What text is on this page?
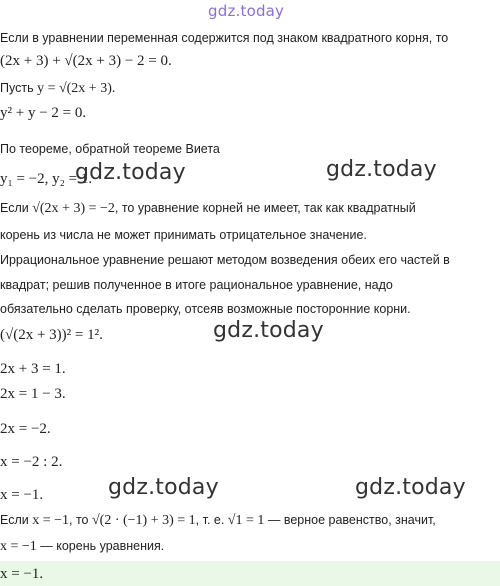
x = −1.
gdz.today
Если в уравнении переменная содержится под знаком квадратного корня, то
(2x + 3) + √(2x + 3) − 2 = 0.
Пусть y = √(2x + 3).
y² + y − 2 = 0.
По теореме, обратной теореме Виета
y₁ = −2, y₂ = 1.
Если √(2x + 3) = −2, то уравнение корней не имеет, так как квадратный
корень из числа не может принимать отрицательное значение.
Иррациональное уравнение решают методом возведения обеих его частей в
квадрат; решив полученное в итоге рациональное уравнение, надо
обязательно сделать проверку, отсеяв возможные посторонние корни.
(√(2x + 3))² = 1².
2x + 3 = 1.
2x = 1 − 3.
2x = −2.
x = −2 : 2.
x = −1.
Если x = −1, то √(2 · (−1) + 3) = 1, т. е. √1 = 1 — верное равенство, значит,
x = −1 — корень уравнения.
gdz.today	gdz.today
gdz.today
gdz.today	gdz.today
